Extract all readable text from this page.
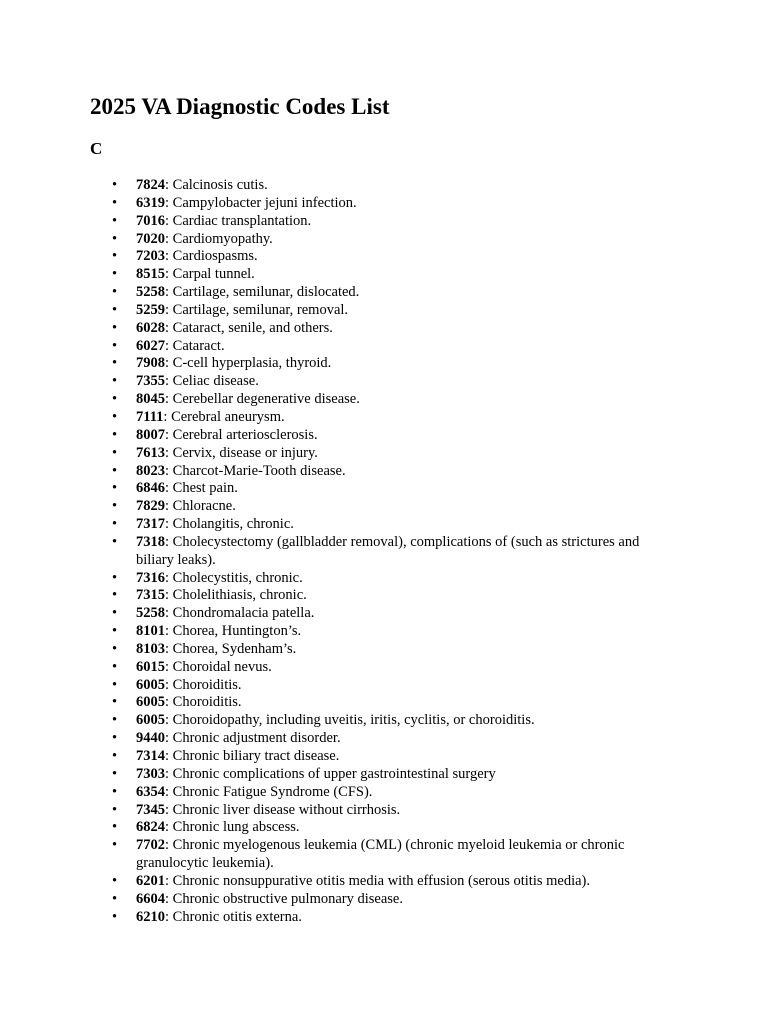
2025 VA Diagnostic Codes List
C
• 7824: Calcinosis cutis.
• 6319: Campylobacter jejuni infection.
• 7016: Cardiac transplantation.
• 7020: Cardiomyopathy.
• 7203: Cardiospasms.
• 8515: Carpal tunnel.
• 5258: Cartilage, semilunar, dislocated.
• 5259: Cartilage, semilunar, removal.
• 6028: Cataract, senile, and others.
• 6027: Cataract.
• 7908: C-cell hyperplasia, thyroid.
• 7355: Celiac disease.
• 8045: Cerebellar degenerative disease.
• 7111: Cerebral aneurysm.
• 8007: Cerebral arteriosclerosis.
• 7613: Cervix, disease or injury.
• 8023: Charcot-Marie-Tooth disease.
• 6846: Chest pain.
• 7829: Chloracne.
• 7317: Cholangitis, chronic.
• 7318: Cholecystectomy (gallbladder removal), complications of (such as strictures and biliary leaks).
• 7316: Cholecystitis, chronic.
• 7315: Cholelithiasis, chronic.
• 5258: Chondromalacia patella.
• 8101: Chorea, Huntington’s.
• 8103: Chorea, Sydenham’s.
• 6015: Choroidal nevus.
• 6005: Choroiditis.
• 6005: Choroiditis.
• 6005: Choroidopathy, including uveitis, iritis, cyclitis, or choroiditis.
• 9440: Chronic adjustment disorder.
• 7314: Chronic biliary tract disease.
• 7303: Chronic complications of upper gastrointestinal surgery
• 6354: Chronic Fatigue Syndrome (CFS).
• 7345: Chronic liver disease without cirrhosis.
• 6824: Chronic lung abscess.
• 7702: Chronic myelogenous leukemia (CML) (chronic myeloid leukemia or chronic granulocytic leukemia).
• 6201: Chronic nonsuppurative otitis media with effusion (serous otitis media).
• 6604: Chronic obstructive pulmonary disease.
• 6210: Chronic otitis externa.
